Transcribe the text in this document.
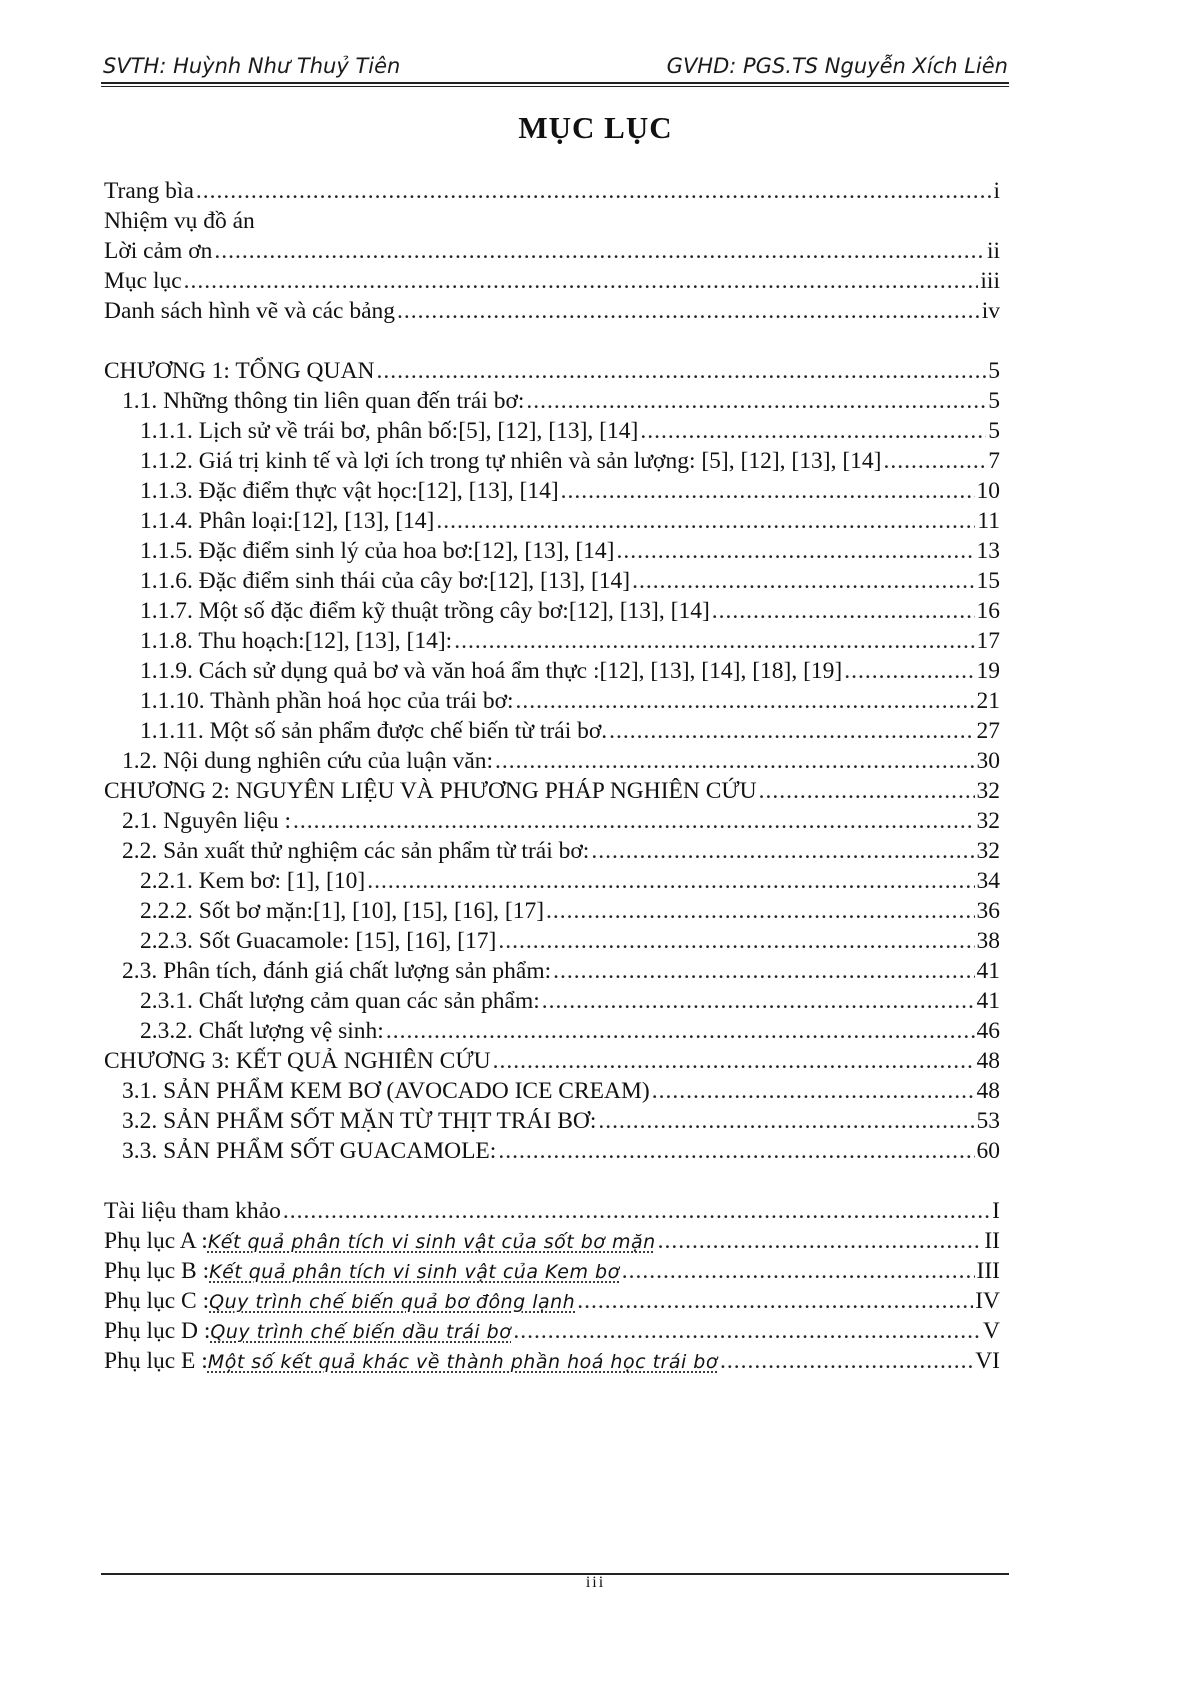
SVTH: Huỳnh Như Thuỷ Tiên	GVHD: PGS.TS Nguyễn Xích Liên
MỤC LỤC
Trang bìa .....	i
Nhiệm vụ đồ án
Lời cảm ơn .....	ii
Mục lục .....	iii
Danh sách hình vẽ và các bảng .....	iv
CHƯƠNG 1: TỔNG QUAN .....	5
1.1. Những thông tin liên quan đến trái bơ: .....	5
1.1.1. Lịch sử về trái bơ, phân bố:[5], [12], [13], [14] .....	5
1.1.2. Giá trị kinh tế và lợi ích trong tự nhiên và sản lượng: [5], [12], [13], [14] .....	7
1.1.3. Đặc điểm thực vật học:[12], [13], [14] .....	10
1.1.4. Phân loại:[12], [13], [14] .....	11
1.1.5. Đặc điểm sinh lý của hoa bơ:[12], [13], [14] .....	13
1.1.6. Đặc điểm sinh thái của cây bơ:[12], [13], [14] .....	15
1.1.7. Một số đặc điểm kỹ thuật trồng cây bơ:[12], [13], [14] .....	16
1.1.8. Thu hoạch:[12], [13], [14]: .....	17
1.1.9. Cách sử dụng quả bơ và văn hoá ẩm thực :[12], [13], [14], [18], [19] .....	19
1.1.10. Thành phần hoá học của trái bơ: .....	21
1.1.11. Một số sản phẩm được chế biến từ trái bơ. .....	27
1.2. Nội dung nghiên cứu của luận văn: .....	30
CHƯƠNG 2: NGUYÊN LIỆU VÀ PHƯƠNG PHÁP NGHIÊN CỨU .....	32
2.1. Nguyên liệu : .....	32
2.2. Sản xuất thử nghiệm các sản phẩm từ trái bơ: .....	32
2.2.1. Kem bơ: [1], [10] .....	34
2.2.2. Sốt bơ mặn:[1], [10], [15], [16], [17] .....	36
2.2.3. Sốt Guacamole: [15], [16], [17] .....	38
2.3. Phân tích, đánh giá chất lượng sản phẩm: .....	41
2.3.1. Chất lượng cảm quan các sản phẩm: .....	41
2.3.2. Chất lượng vệ sinh: .....	46
CHƯƠNG 3: KẾT QUẢ NGHIÊN CỨU .....	48
3.1. SẢN PHẨM KEM BƠ (AVOCADO ICE CREAM) .....	48
3.2. SẢN PHẨM SỐT MẶN TỪ THỊT TRÁI BƠ: .....	53
3.3. SẢN PHẨM SỐT GUACAMOLE: .....	60
Tài liệu tham khảo .....	I
Phụ lục A : Kết quả phân tích vi sinh vật của sốt bơ mặn .....	II
Phụ lục B : Kết quả phân tích vi sinh vật của Kem bơ .....	III
Phụ lục C : Quy trình chế biến quả bơ đông lạnh .....	IV
Phụ lục D : Quy trình chế biến dầu trái bơ .....	V
Phụ lục E : Một số kết quả khác về thành phần hoá học trái bơ .....	VI
iii
